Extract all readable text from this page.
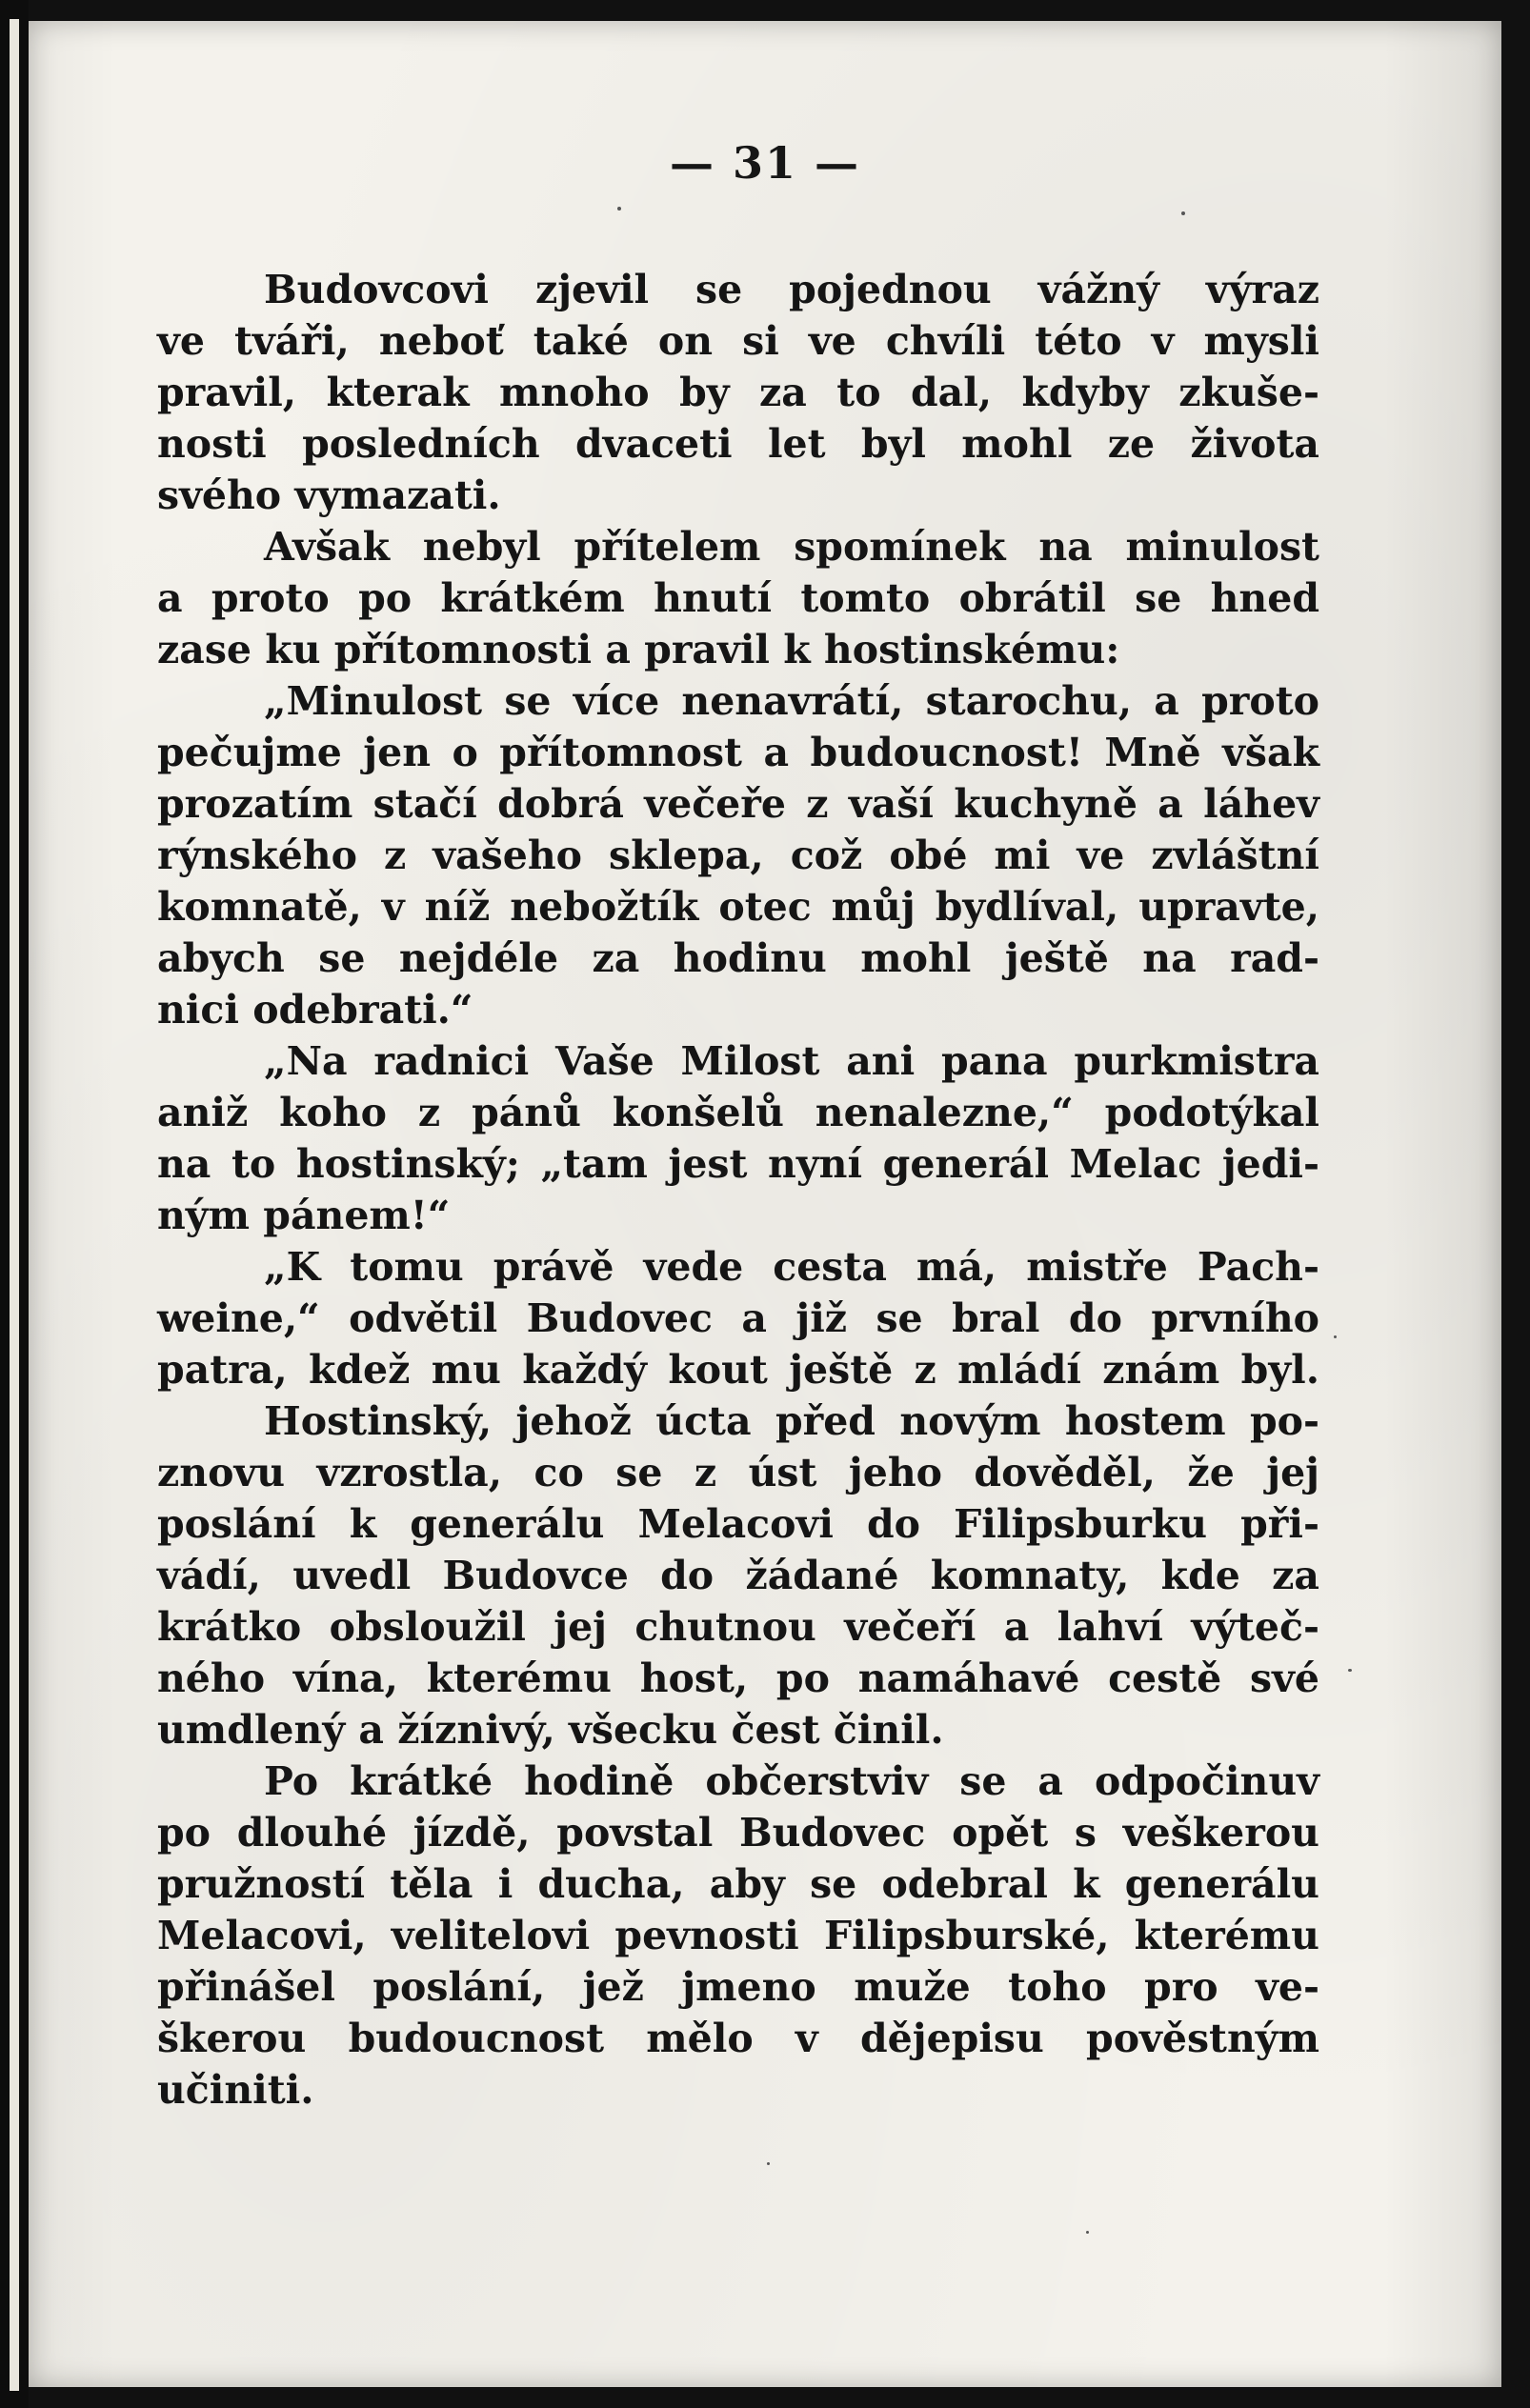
— 31 —
Budovcovi zjevil se pojednou vážný výraz
ve tváři, neboť také on si ve chvíli této v mysli
pravil, kterak mnoho by za to dal, kdyby zkuše-
nosti posledních dvaceti let byl mohl ze života
svého vymazati.
Avšak nebyl přítelem spomínek na minulost
a proto po krátkém hnutí tomto obrátil se hned
zase ku přítomnosti a pravil k hostinskému:
„Minulost se více nenavrátí, starochu, a proto
pečujme jen o přítomnost a budoucnost! Mně však
prozatím stačí dobrá večeře z vaší kuchyně a láhev
rýnského z vašeho sklepa, což obé mi ve zvláštní
komnatě, v níž nebožtík otec můj bydlíval, upravte,
abych se nejdéle za hodinu mohl ještě na rad-
nici odebrati.“
„Na radnici Vaše Milost ani pana purkmistra
aniž koho z pánů konšelů nenalezne,“ podotýkal
na to hostinský; „tam jest nyní generál Melac jedi-
ným pánem!“
„K tomu právě vede cesta má, mistře Pach-
weine,“ odvětil Budovec a již se bral do prvního
patra, kdež mu každý kout ještě z mládí znám byl.
Hostinský, jehož úcta před novým hostem po-
znovu vzrostla, co se z úst jeho dověděl, že jej
poslání k generálu Melacovi do Filipsburku při-
vádí, uvedl Budovce do žádané komnaty, kde za
krátko obsloužil jej chutnou večeří a lahví výteč-
ného vína, kterému host, po namáhavé cestě své
umdlený a žíznivý, všecku čest činil.
Po krátké hodině občerstviv se a odpočinuv
po dlouhé jízdě, povstal Budovec opět s veškerou
pružností těla i ducha, aby se odebral k generálu
Melacovi, velitelovi pevnosti Filipsburské, kterému
přinášel poslání, jež jmeno muže toho pro ve-
škerou budoucnost mělo v dějepisu pověstným
učiniti.
